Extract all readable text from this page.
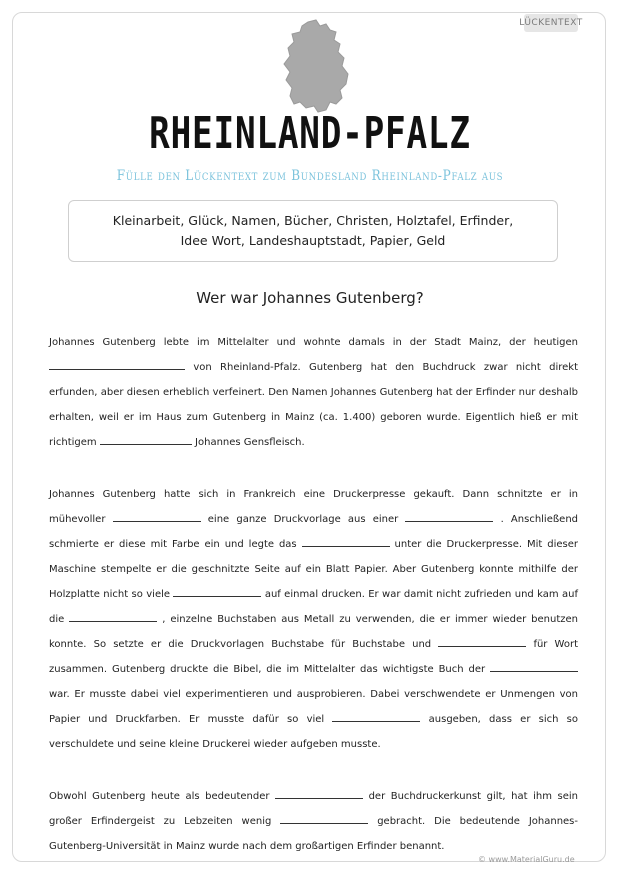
LÜCKENTEXT
RHEINLAND-PFALZ
Fülle den Lückentext zum Bundesland Rheinland-Pfalz aus
Kleinarbeit, Glück, Namen, Bücher, Christen, Holztafel, Erfinder,
Idee Wort, Landeshauptstadt, Papier, Geld
Wer war Johannes Gutenberg?

Johannes Gutenberg lebte im Mittelalter und wohnte damals in der Stadt Mainz, der heutigen  von Rheinland-Pfalz. Gutenberg hat den Buchdruck zwar nicht direkt erfunden, aber diesen erheblich verfeinert. Den Namen Johannes Gutenberg hat der Erfinder nur deshalb erhalten, weil er im Haus zum Gutenberg in Mainz (ca. 1.400) geboren wurde. Eigentlich hieß er mit richtigem	Johannes Gensfleisch.

Johannes Gutenberg hatte sich in Frankreich eine Druckerpresse gekauft. Dann schnitzte er in mühevoller	eine ganze Druckvorlage aus einer	. Anschließend schmierte er diese mit Farbe ein und legte das	unter die Druckerpresse. Mit dieser Maschine stempelte er die geschnitzte Seite auf ein Blatt Papier. Aber Gutenberg konnte mithilfe der Holzplatte nicht so viele	auf einmal drucken. Er war damit nicht zufrieden und kam auf die	, einzelne Buchstaben aus Metall zu verwenden, die er immer wieder benutzen konnte. So setzte er die Druckvorlagen Buchstabe für Buchstabe und	für Wort zusammen. Gutenberg druckte die Bibel, die im Mittelalter das wichtigste Buch der  war. Er musste dabei viel experimentieren und ausprobieren. Dabei verschwendete er Unmengen von Papier und Druckfarben. Er musste dafür so viel	ausgeben, dass er sich so verschuldete und seine kleine Druckerei wieder aufgeben musste.

Obwohl Gutenberg heute als bedeutender	der Buchdruckerkunst gilt, hat ihm sein großer Erfindergeist zu Lebzeiten wenig	gebracht. Die bedeutende Johannes-Gutenberg-Universität in Mainz wurde nach dem großartigen Erfinder benannt.

© www.MaterialGuru.de
